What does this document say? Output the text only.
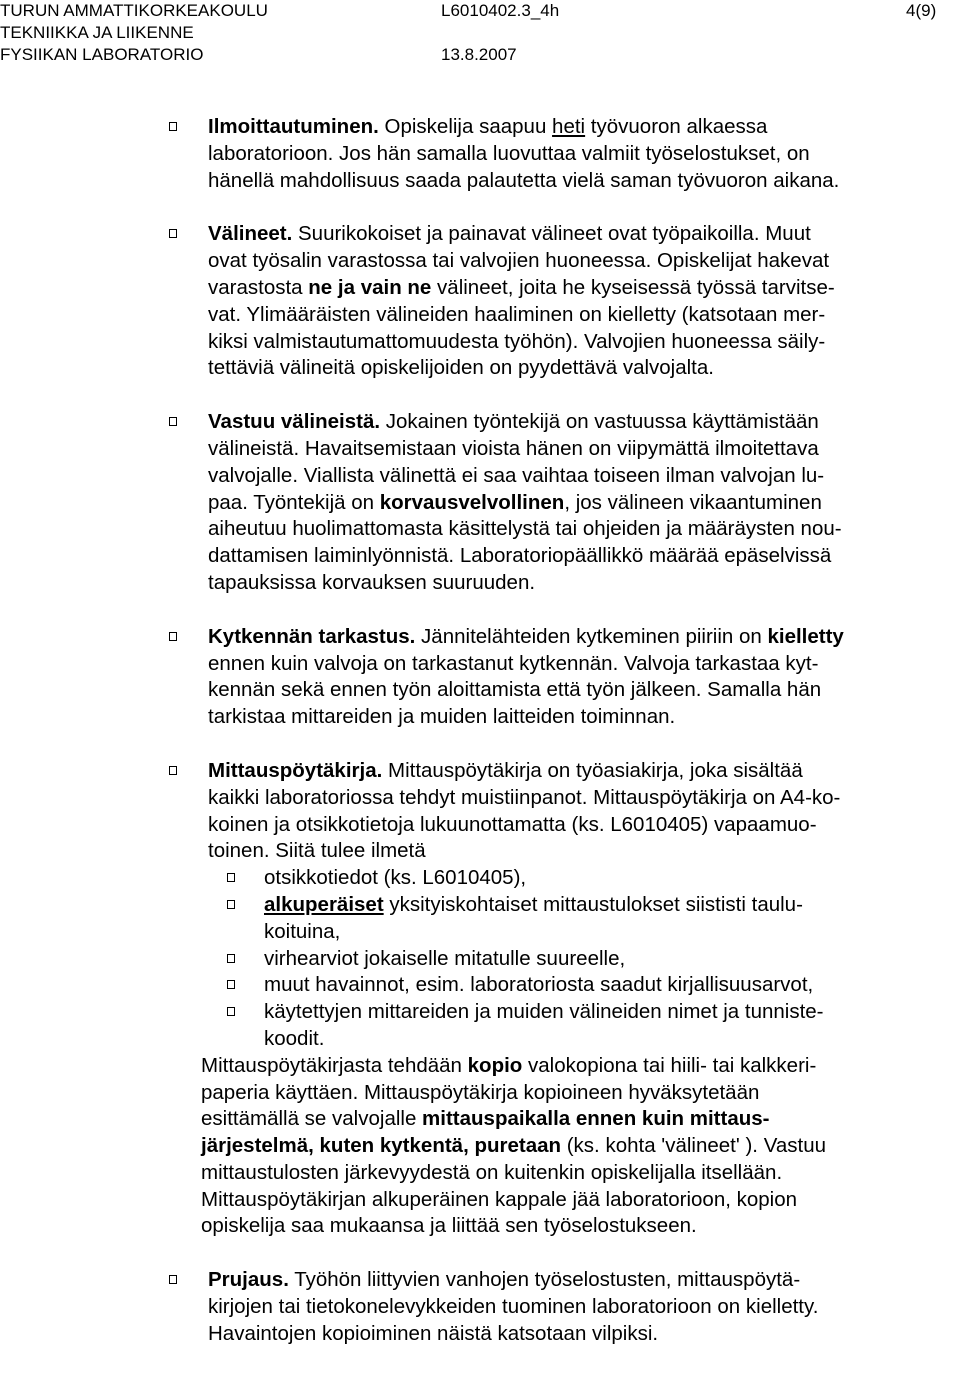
TURUN AMMATTIKORKEAKOULU	L6010402.3_4h	4(9)
TEKNIIKKA JA LIIKENNE
FYSIIKAN LABORATORIO	13.8.2007
Ilmoittautuminen. Opiskelija saapuu heti työvuoron alkaessa
laboratorioon. Jos hän samalla luovuttaa valmiit työselostukset, on
hänellä mahdollisuus saada palautetta vielä saman työvuoron aikana.
Välineet. Suurikokoiset ja painavat välineet ovat työpaikoilla. Muut
ovat työsalin varastossa tai valvojien huoneessa. Opiskelijat hakevat
varastosta ne ja vain ne välineet, joita he kyseisessä työssä tarvitse-
vat. Ylimääräisten välineiden haaliminen on kielletty (katsotaan mer-
kiksi valmistautumattomuudesta työhön). Valvojien huoneessa säily-
tettäviä välineitä opiskelijoiden on pyydettävä valvojalta.
Vastuu välineistä. Jokainen työntekijä on vastuussa käyttämistään
välineistä. Havaitsemistaan vioista hänen on viipymättä ilmoitettava
valvojalle. Viallista välinettä ei saa vaihtaa toiseen ilman valvojan lu-
paa. Työntekijä on korvausvelvollinen, jos välineen vikaantuminen
aiheutuu huolimattomasta käsittelystä tai ohjeiden ja määräysten nou-
dattamisen laiminlyönnistä. Laboratoriopäällikkö määrää epäselvissä
tapauksissa korvauksen suuruuden.
Kytkennän tarkastus. Jännitelähteiden kytkeminen piiriin on kielletty
ennen kuin valvoja on tarkastanut kytkennän. Valvoja tarkastaa kyt-
kennän sekä ennen työn aloittamista että työn jälkeen. Samalla hän
tarkistaa mittareiden ja muiden laitteiden toiminnan.
Mittauspöytäkirja. Mittauspöytäkirja on työasiakirja, joka sisältää
kaikki laboratoriossa tehdyt muistiinpanot. Mittauspöytäkirja on A4-ko-
koinen ja otsikkotietoja lukuunottamatta (ks. L6010405) vapaamuo-
toinen. Siitä tulee ilmetä
otsikkotiedot (ks. L6010405),
alkuperäiset yksityiskohtaiset mittaustulokset siististi taulu-
koituina,
virhearviot jokaiselle mitatulle suureelle,
muut havainnot, esim. laboratoriosta saadut kirjallisuusarvot,
käytettyjen mittareiden ja muiden välineiden nimet ja tunniste-
koodit.
Mittauspöytäkirjasta tehdään kopio valokopiona tai hiili- tai kalkkeri-
paperia käyttäen. Mittauspöytäkirja kopioineen hyväksytetään
esittämällä se valvojalle mittauspaikalla ennen kuin mittaus-
järjestelmä, kuten kytkentä, puretaan (ks. kohta 'välineet' ). Vastuu
mittaustulosten järkevyydestä on kuitenkin opiskelijalla itsellään.
Mittauspöytäkirjan alkuperäinen kappale jää laboratorioon, kopion
opiskelija saa mukaansa ja liittää sen työselostukseen.
Prujaus. Työhön liittyvien vanhojen työselostusten, mittauspöytä-
kirjojen tai tietokonelevykkeiden tuominen laboratorioon on kielletty.
Havaintojen kopioiminen näistä katsotaan vilpiksi.
